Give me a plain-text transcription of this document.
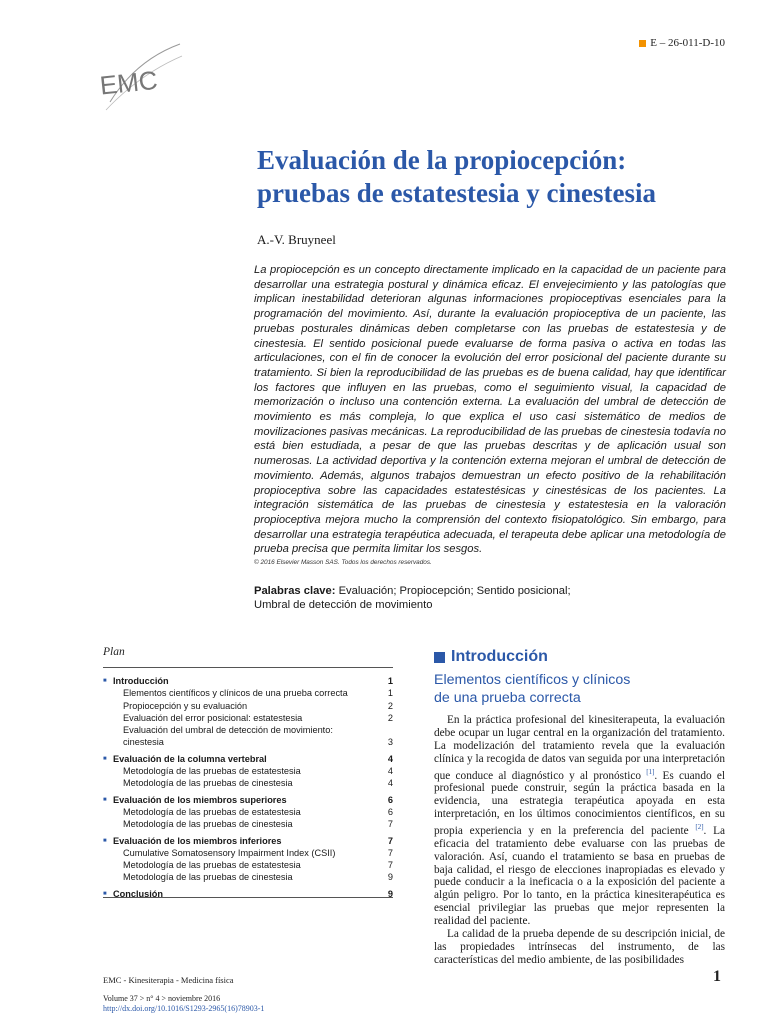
E – 26-011-D-10
EMC
Evaluación de la propiocepción:
pruebas de estatestesia y cinestesia
A.-V. Bruyneel

La propiocepción es un concepto directamente implicado en la capacidad de un paciente para desarrollar una estrategia postural y dinámica eficaz. El envejecimiento y las patologías que implican inestabilidad deterioran algunas informaciones propioceptivas esenciales para la programación del movimiento. Así, durante la evaluación propioceptiva de un paciente, las pruebas posturales dinámicas deben completarse con las pruebas de estatestesia y de cinestesia. El sentido posicional puede evaluarse de forma pasiva o activa en todas las articulaciones, con el fin de conocer la evolución del error posicional del paciente durante su tratamiento. Si bien la reproducibilidad de las pruebas es de buena calidad, hay que identificar los factores que influyen en las pruebas, como el seguimiento visual, la capacidad de memorización o incluso una contención externa. La evaluación del umbral de detección de movimiento es más compleja, lo que explica el uso casi sistemático de medios de movilizaciones pasivas mecánicas. La reproducibilidad de las pruebas de cinestesia todavía no está bien estudiada, a pesar de que las pruebas descritas y de aplicación usual son numerosas. La actividad deportiva y la contención externa mejoran el umbral de detección de movimiento. Además, algunos trabajos demuestran un efecto positivo de la rehabilitación propioceptiva sobre las capacidades estatestésicas y cinestésicas de los pacientes. La integración sistemática de las pruebas de cinestesia y estatestesia en la valoración propioceptiva mejora mucho la comprensión del contexto fisiopatológico. Sin embargo, para desarrollar una estrategia terapéutica adecuada, el terapeuta debe aplicar una metodología de prueba precisa que permita limitar los sesgos.

© 2016 Elsevier Masson SAS. Todos los derechos reservados.
Palabras clave: Evaluación; Propiocepción; Sentido posicional;
Umbral de detección de movimiento
Plan
■ Introducción	1
Elementos científicos y clínicos de una prueba correcta	1
Propiocepción y su evaluación	2
Evaluación del error posicional: estatestesia	2
Evaluación del umbral de detección de movimiento:
cinestesia	3
■ Evaluación de la columna vertebral	4
Metodología de las pruebas de estatestesia	4
Metodología de las pruebas de cinestesia	4
■ Evaluación de los miembros superiores	6
Metodología de las pruebas de estatestesia	6
Metodología de las pruebas de cinestesia	7
■ Evaluación de los miembros inferiores	7
Cumulative Somatosensory Impairment Index (CSII)	7
Metodología de las pruebas de estatestesia	7
Metodología de las pruebas de cinestesia	9
■ Conclusión	9
Introducción
Elementos científicos y clínicos
de una prueba correcta

En la práctica profesional del kinesiterapeuta, la evaluación debe ocupar un lugar central en la organización del tratamiento. La modelización del tratamiento revela que la evaluación clínica y la recogida de datos van seguida por una interpretación que conduce al diagnóstico y al pronóstico [1]. Es cuando el profesional puede construir, según la práctica basada en la evidencia, una estrategia terapéutica apoyada en esta interpretación, en los últimos conocimientos científicos, en su propia experiencia y en la preferencia del paciente [2]. La eficacia del tratamiento debe evaluarse con las pruebas de valoración. Así, cuando el tratamiento se basa en pruebas de baja calidad, el riesgo de elecciones inapropiadas es elevado y puede conducir a la ineficacia o a la exposición del paciente a algún peligro. Por lo tanto, en la práctica kinesiterapéutica es esencial privilegiar las pruebas que mejor representen la realidad del paciente.

La calidad de la prueba depende de su descripción inicial, de las propiedades intrínsecas del instrumento, de las características del medio ambiente, de las posibilidades

EMC - Kinesiterapia - Medicina física
Volume 37 > n° 4 > noviembre 2016
http://dx.doi.org/10.1016/S1293-2965(16)78903-1
1
